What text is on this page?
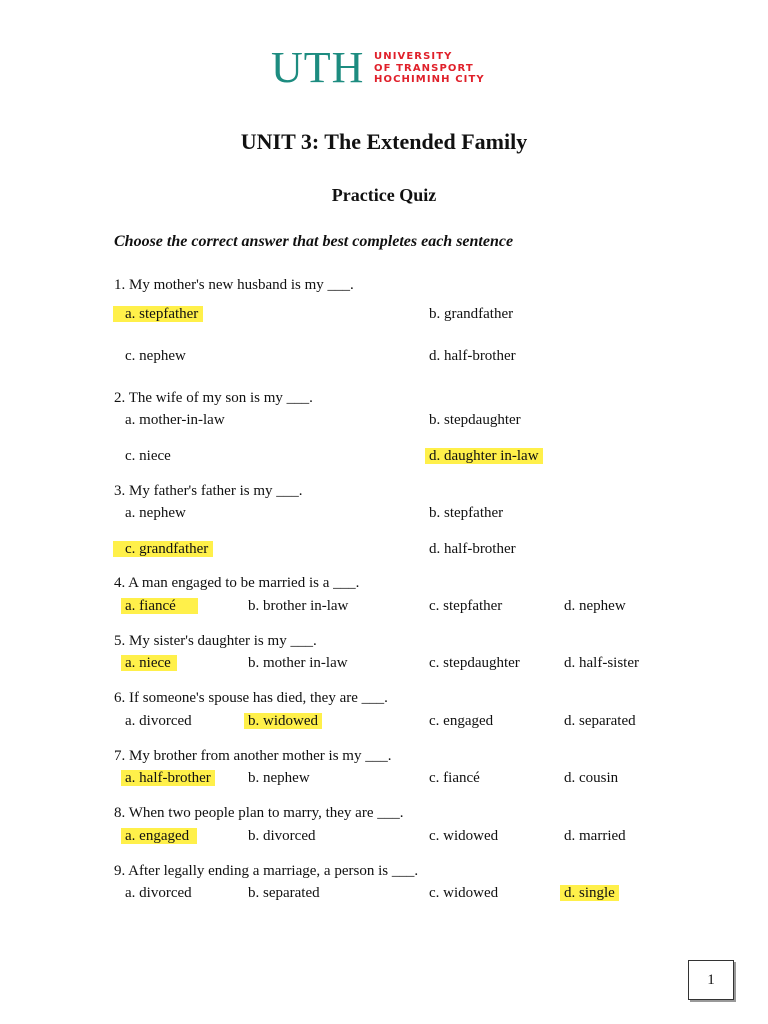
UTH UNIVERSITY
OF TRANSPORT
HOCHIMINH CITY
UNIT 3: The Extended Family
Practice Quiz
Choose the correct answer that best completes each sentence
1. My mother's new husband is my ___.
a. stepfather	b. grandfather
c. nephew	d. half-brother
2. The wife of my son is my ___.
a. mother-in-law	b. stepdaughter
c. niece	d. daughter in-law
3. My father's father is my ___.
a. nephew	b. stepfather
c. grandfather	d. half-brother
4. A man engaged to be married is a ___.
a. fiancé	b. brother in-law	c. stepfather	d. nephew
5. My sister's daughter is my ___.
a. niece	b. mother in-law	c. stepdaughter	d. half-sister
6. If someone's spouse has died, they are ___.
a. divorced	b. widowed	c. engaged	d. separated
7. My brother from another mother is my ___.
a. half-brother b. nephew	c. fiancé	d. cousin
8. When two people plan to marry, they are ___.
a. engaged	b. divorced	c. widowed	d. married
9. After legally ending a marriage, a person is ___.
a. divorced	b. separated	c. widowed	d. single
1
